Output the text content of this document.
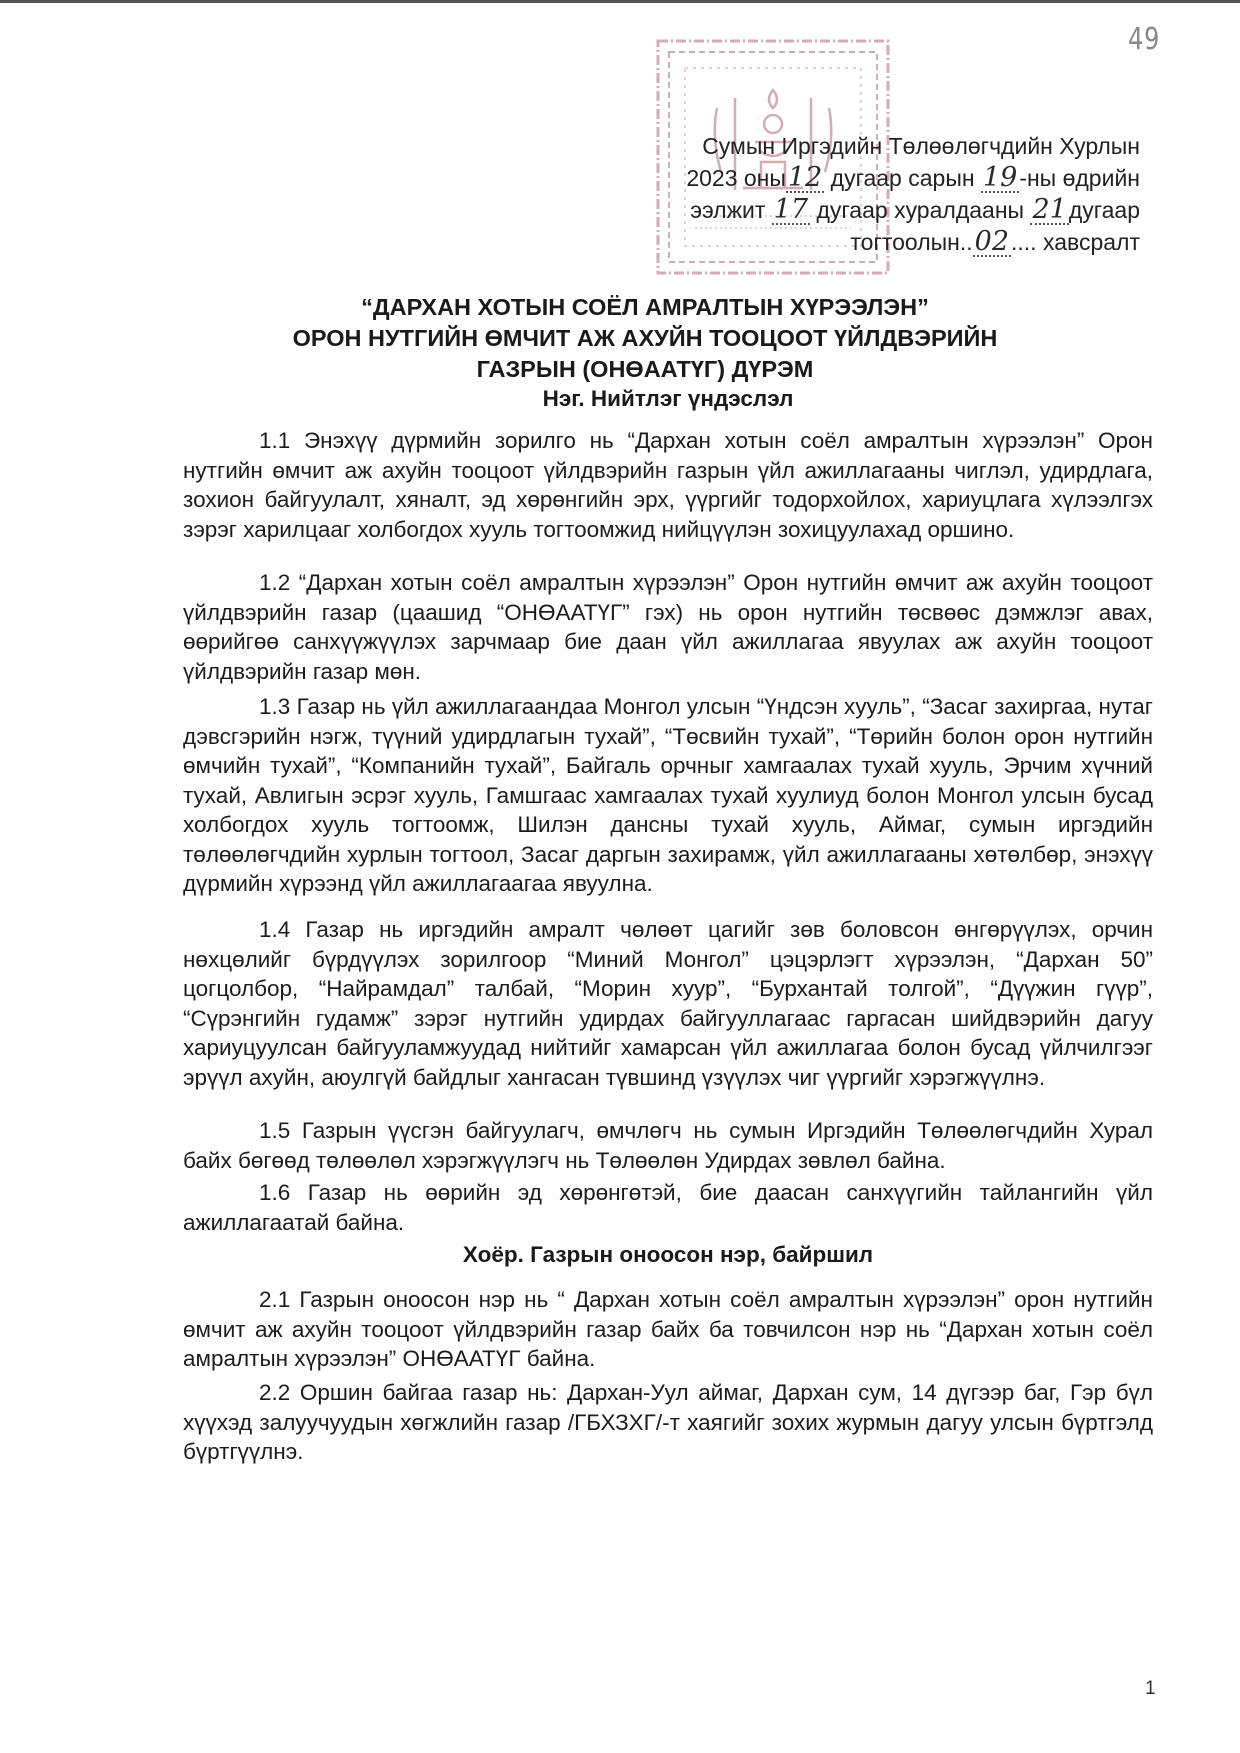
49
Сумын Иргэдийн Төлөөлөгчдийн Хурлын
2023 оны12 дугаар сарын 19-ны өдрийн
ээлжит 17 дугаар хуралдааны 21дугаар
тогтоолын..02.... хавсралт
“ДАРХАН ХОТЫН СОЁЛ АМРАЛТЫН ХҮРЭЭЛЭН”
ОРОН НУТГИЙН ӨМЧИТ АЖ АХУЙН ТООЦООТ ҮЙЛДВЭРИЙН
ГАЗРЫН (ОНӨААТҮГ) ДҮРЭМ
Нэг. Нийтлэг үндэслэл
1.1 Энэхүү дүрмийн зорилго нь “Дархан хотын соёл амралтын хүрээлэн” Орон нутгийн өмчит аж ахуйн тооцоот үйлдвэрийн газрын үйл ажиллагааны чиглэл, удирдлага, зохион байгуулалт, хяналт, эд хөрөнгийн эрх, үүргийг тодорхойлох, хариуцлага хүлээлгэх зэрэг харилцааг холбогдох хууль тогтоомжид нийцүүлэн зохицуулахад оршино.
1.2 “Дархан хотын соёл амралтын хүрээлэн” Орон нутгийн өмчит аж ахуйн тооцоот үйлдвэрийн газар (цаашид “ОНӨААТҮГ” гэх) нь орон нутгийн төсвөөс дэмжлэг авах, өөрийгөө санхүүжүүлэх зарчмаар бие даан үйл ажиллагаа явуулах аж ахуйн тооцоот үйлдвэрийн газар мөн.
1.3 Газар нь үйл ажиллагаандаа Монгол улсын “Үндсэн хууль”, “Засаг захиргаа, нутаг дэвсгэрийн нэгж, түүний удирдлагын тухай”, “Төсвийн тухай”, “Төрийн болон орон нутгийн өмчийн тухай”, “Компанийн тухай”, Байгаль орчныг хамгаалах тухай хууль, Эрчим хүчний тухай, Авлигын эсрэг хууль, Гамшгаас хамгаалах тухай хуулиуд болон Монгол улсын бусад холбогдох хууль тогтоомж, Шилэн дансны тухай хууль, Аймаг, сумын иргэдийн төлөөлөгчдийн хурлын тогтоол, Засаг даргын захирамж, үйл ажиллагааны хөтөлбөр, энэхүү дүрмийн хүрээнд үйл ажиллагаагаа явуулна.
1.4 Газар нь иргэдийн амралт чөлөөт цагийг зөв боловсон өнгөрүүлэх, орчин нөхцөлийг бүрдүүлэх зорилгоор “Миний Монгол” цэцэрлэгт хүрээлэн, “Дархан 50” цогцолбор, “Найрамдал” талбай, “Морин хуур”, “Бурхантай толгой”, “Дүүжин гүүр”, “Сүрэнгийн гудамж” зэрэг нутгийн удирдах байгууллагаас гаргасан шийдвэрийн дагуу хариуцуулсан байгууламжуудад нийтийг хамарсан үйл ажиллагаа болон бусад үйлчилгээг эрүүл ахуйн, аюулгүй байдлыг хангасан түвшинд үзүүлэх чиг үүргийг хэрэгжүүлнэ.
1.5 Газрын үүсгэн байгуулагч, өмчлөгч нь сумын Иргэдийн Төлөөлөгчдийн Хурал байх бөгөөд төлөөлөл хэрэгжүүлэгч нь Төлөөлөн Удирдах зөвлөл байна.
1.6 Газар нь өөрийн эд хөрөнгөтэй, бие даасан санхүүгийн тайлангийн үйл ажиллагаатай байна.
Хоёр. Газрын оноосон нэр, байршил
2.1 Газрын оноосон нэр нь “ Дархан хотын соёл амралтын хүрээлэн” орон нутгийн өмчит аж ахуйн тооцоот үйлдвэрийн газар байх ба товчилсон нэр нь “Дархан хотын соёл амралтын хүрээлэн” ОНӨААТҮГ байна.
2.2 Оршин байгаа газар нь: Дархан-Уул аймаг, Дархан сум, 14 дүгээр баг, Гэр бүл хүүхэд залуучуудын хөгжлийн газар /ГБХЗХГ/-т хаягийг зохих журмын дагуу улсын бүртгэлд бүртгүүлнэ.
1
